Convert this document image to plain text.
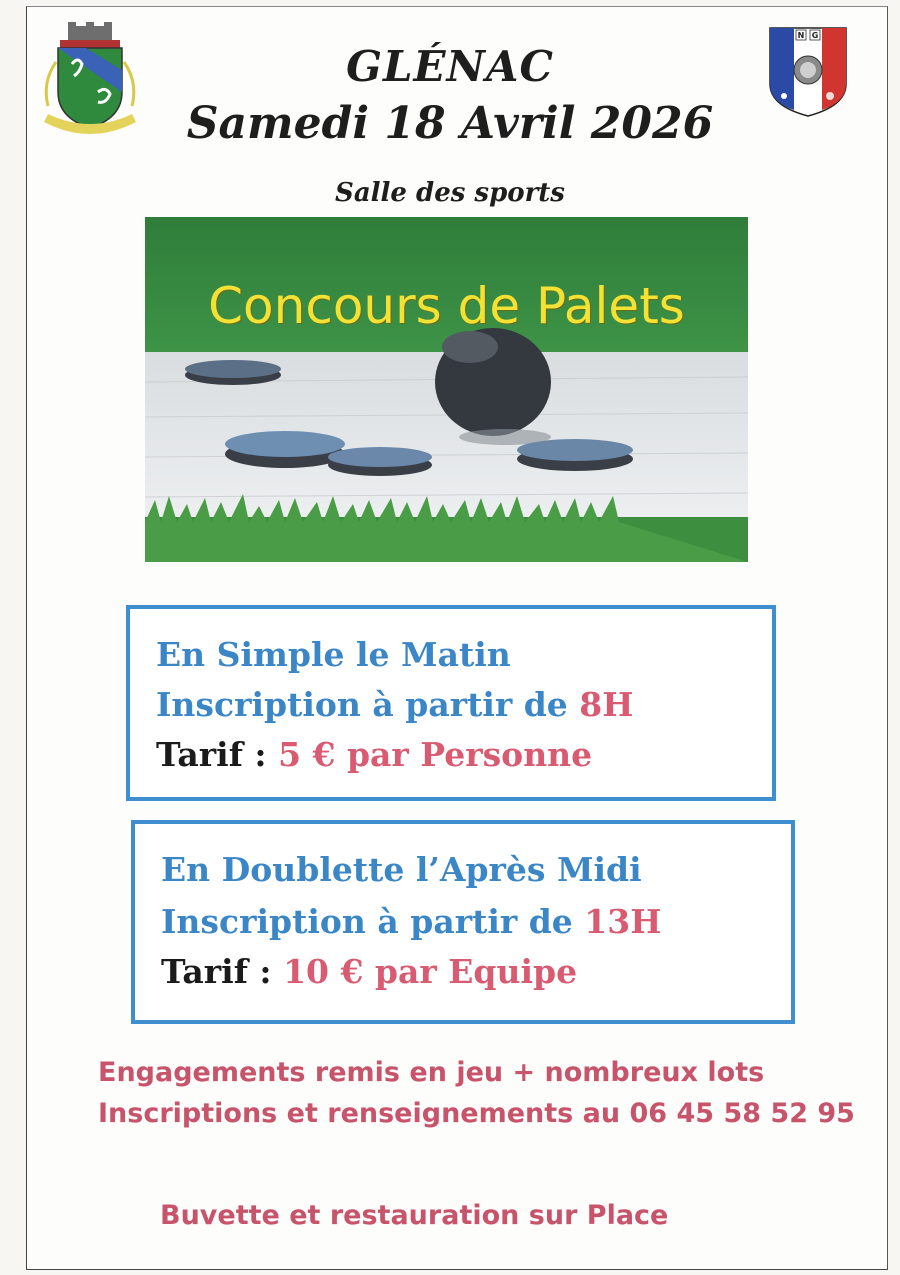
N G
GLÉNAC
Samedi 18 Avril 2026
Salle des sports
Concours de Palets
En Simple le Matin
Inscription à partir de 8H
Tarif : 5 € par Personne
En Doublette l’Après Midi
Inscription à partir de 13H
Tarif : 10 € par Equipe
Engagements remis en jeu + nombreux lots
Inscriptions et renseignements au 06 45 58 52 95
Buvette et restauration sur Place
